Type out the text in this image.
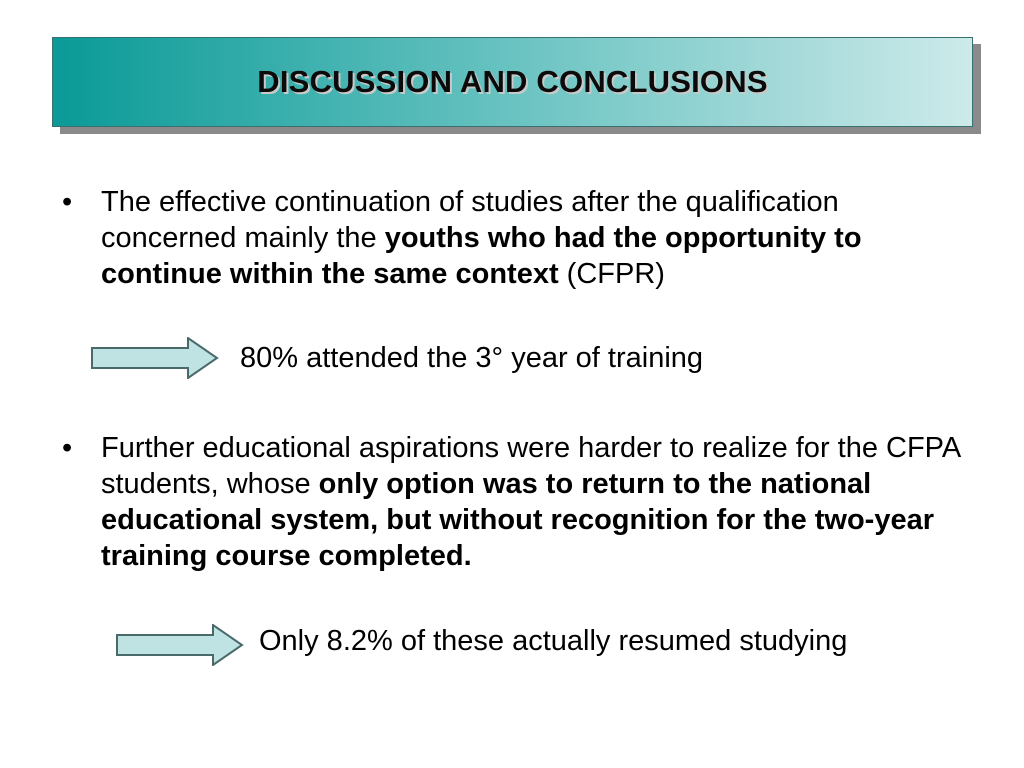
DISCUSSION AND CONCLUSIONS
• The effective continuation of studies after the qualification concerned mainly the youths who had the opportunity to continue within the same context (CFPR)
80% attended the 3° year of training
• Further educational aspirations were harder to realize for the CFPA students, whose only option was to return to the national educational system, but without recognition for the two-year training course completed.
Only 8.2% of these actually resumed studying
